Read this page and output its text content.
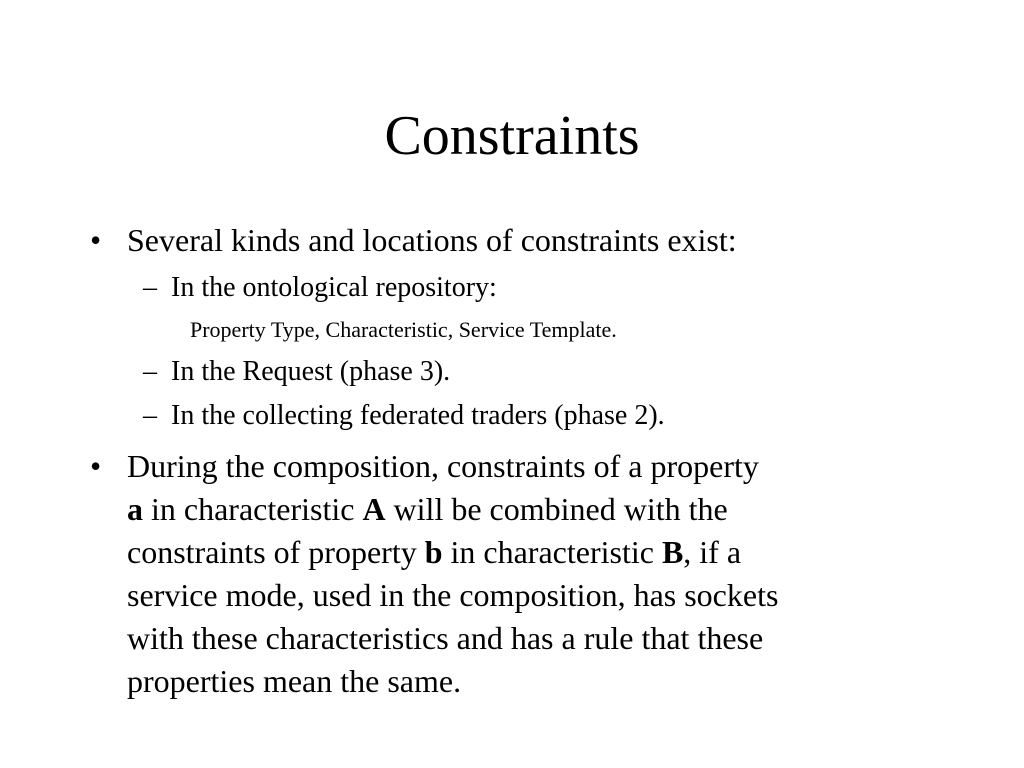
Constraints
• Several kinds and locations of constraints exist:
– In the ontological repository:
Property Type, Characteristic, Service Template.
– In the Request (phase 3).
– In the collecting federated traders (phase 2).
• During the composition, constraints of a property
a in characteristic A will be combined with the
constraints of property b in characteristic B, if a
service mode, used in the composition, has sockets
with these characteristics and has a rule that these
properties mean the same.
